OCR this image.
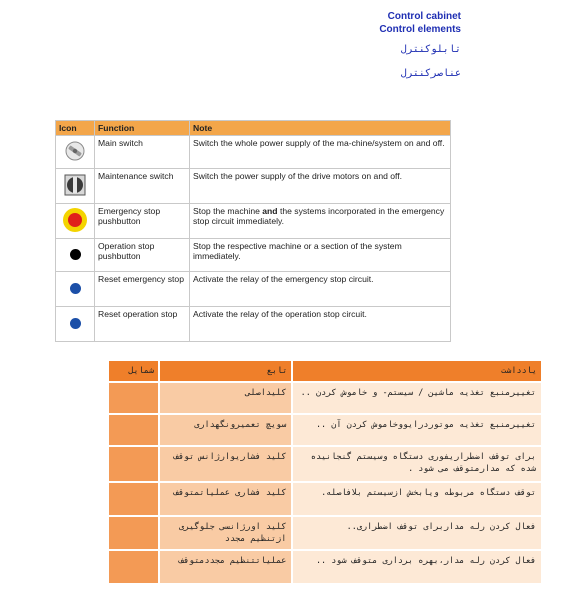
Control cabinet
Control elements
تابلوکنترل
عناصرکنترل
Icon	Function	Note
	Main switch	Switch the whole power supply of the ma-chine/system on and off.
	Maintenance switch	Switch the power supply of the drive motors on and off.
	Emergency stop pushbutton	Stop the machine and the systems incorporated in the emergency stop circuit immediately.
	Operation stop pushbutton	Stop the respective machine or a section of the system immediately.
	Reset emergency stop	Activate the relay of the emergency stop circuit.
	Reset operation stop	Activate the relay of the operation stop circuit.
یادداشت	تابع	شمایل
تغییرمنبع تغذیه ماشین / سیستم- و خاموش کردن ..	کلیداصلی	
تغییرمنبع تغذیه موتوردرایووخاموش کردن آن ..	سویچ تعمیرونگهداری	
برای توقف اضطراریفوری دستگاه وسیستم گنجانیده شده که مدارمتوقف می شود .	کلید فشاریوارژانس توقف	
توقف دستگاه مربوطه ویابخش ازسیستم بلافاصله.	کلید فشاری عملیاتمتوقف	
فعال کردن رله مداربرای توقف اضطراری..	کلید اورژانسی جلوگیری ازتنظیم مجدد	
فعال کردن رله مدار،بهره برداری متوقف شود ..	عملیاتتنظیم مجددمتوقف	
